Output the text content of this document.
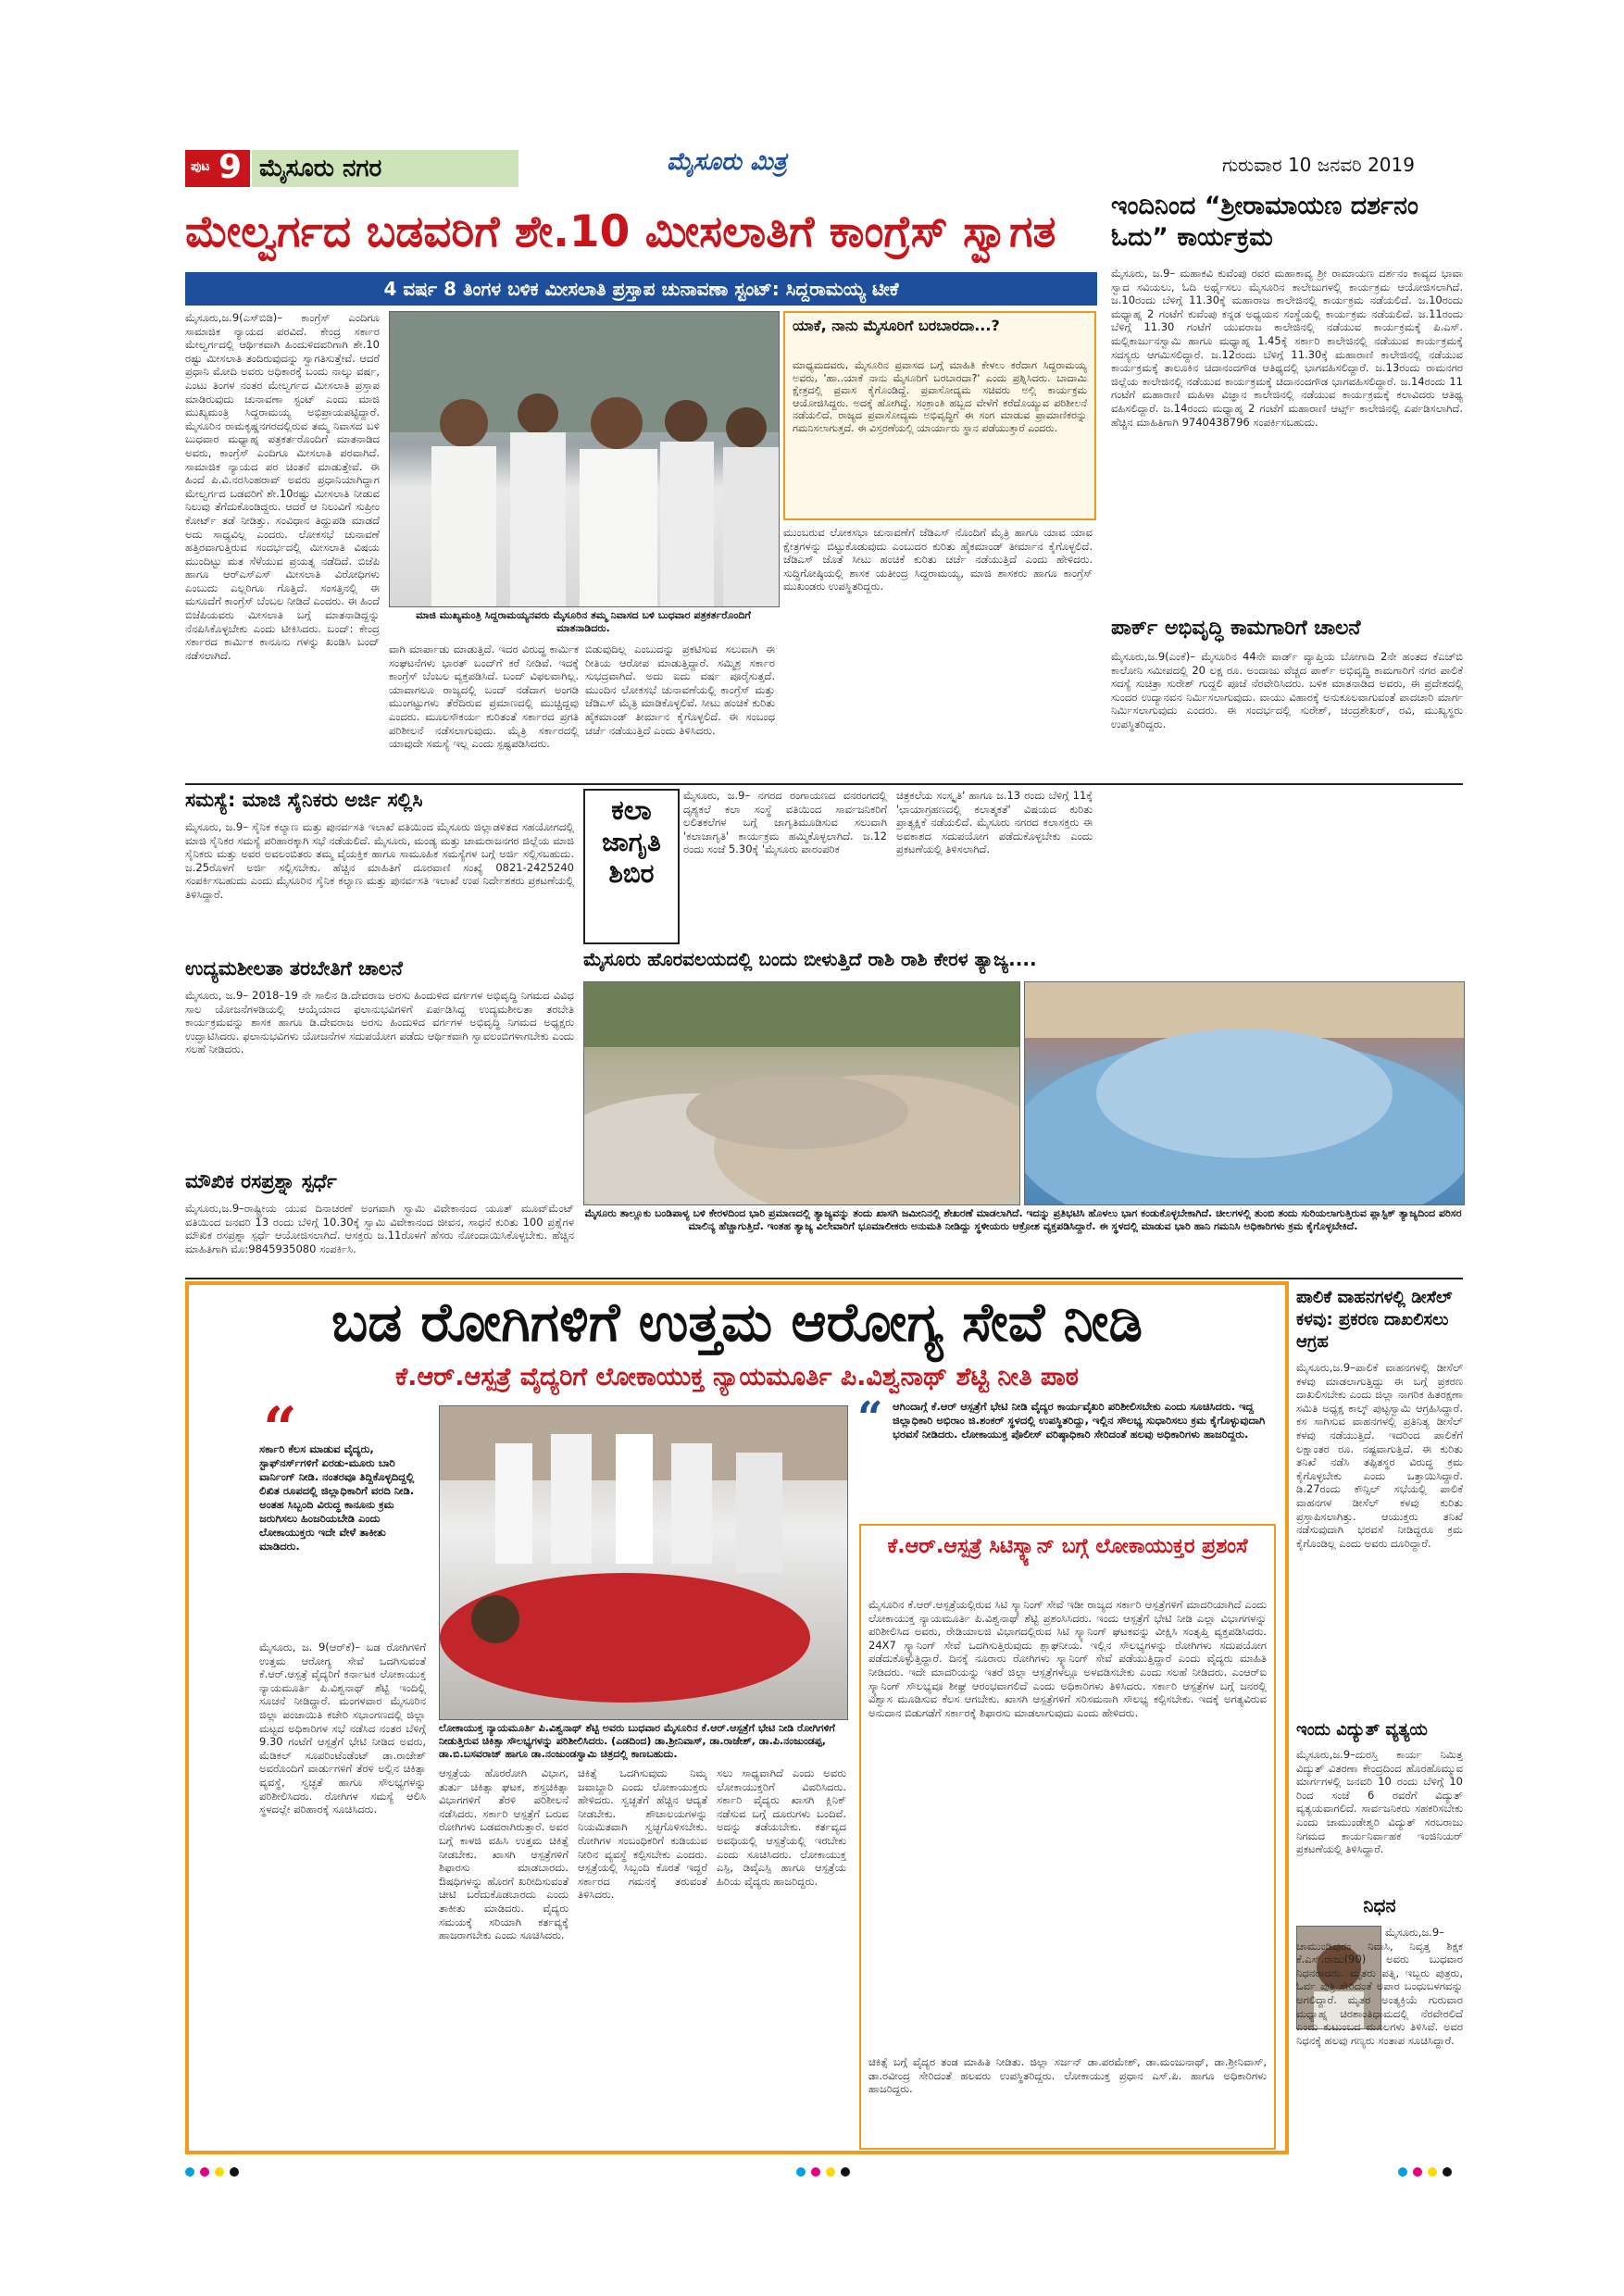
ಪುಟ 9 ಮೈಸೂರು ನಗರ	ಮೈಸೂರು ಮಿತ್ರ	ಗುರುವಾರ 10 ಜನವರಿ 2019
ಮೇಲ್ವರ್ಗದ ಬಡವರಿಗೆ ಶೇ.10 ಮೀಸಲಾತಿಗೆ ಕಾಂಗ್ರೆಸ್ ಸ್ವಾಗತ
4 ವರ್ಷ 8 ತಿಂಗಳ ಬಳಿಕ ಮೀಸಲಾತಿ ಪ್ರಸ್ತಾಪ ಚುನಾವಣಾ ಸ್ಟಂಟ್: ಸಿದ್ದರಾಮಯ್ಯ ಟೀಕೆ
ಮೈಸೂರು,ಜ.9(ಎಸ್‌ಬಿಡಿ)– ಕಾಂಗ್ರೆಸ್ ಎಂದಿಗೂ ಸಾಮಾಜಿಕ ನ್ಯಾಯದ ಪರವಿದೆ. ಕೇಂದ್ರ ಸರ್ಕಾರ ಮೇಲ್ವರ್ಗದಲ್ಲಿ ಆರ್ಥಿಕವಾಗಿ ಹಿಂದುಳಿದವರಿಗಾಗಿ ಶೇ.10 ರಷ್ಟು ಮೀಸಲಾತಿ ತಂದಿರುವುದನ್ನು ಸ್ವಾಗತಿಸುತ್ತೇವೆ. ಆದರೆ ಪ್ರಧಾನಿ ಮೋದಿ ಅವರು ಅಧಿಕಾರಕ್ಕೆ ಬಂದು ನಾಲ್ಕು ವರ್ಷ, ಎಂಟು ತಿಂಗಳ ನಂತರ ಮೇಲ್ವರ್ಗದ ಮೀಸಲಾತಿ ಪ್ರಸ್ತಾಪ ಮಾಡಿರುವುದು ಚುನಾವಣಾ ಸ್ಟಂಟ್ ಎಂದು ಮಾಜಿ ಮುಖ್ಯಮಂತ್ರಿ ಸಿದ್ದರಾಮಯ್ಯ ಅಭಿಪ್ರಾಯಪಟ್ಟಿದ್ದಾರೆ. ಮೈಸೂರಿನ ರಾಮಕೃಷ್ಣನಗರದಲ್ಲಿರುವ ತಮ್ಮ ನಿವಾಸದ ಬಳಿ ಬುಧವಾರ ಮಧ್ಯಾಹ್ನ ಪತ್ರಕರ್ತರೊಂದಿಗೆ ಮಾತನಾಡಿದ ಅವರು, ಕಾಂಗ್ರೆಸ್ ಎಂದಿಗೂ ಮೀಸಲಾತಿ ಪರವಾಗಿದೆ. ಸಾಮಾಜಿಕ ನ್ಯಾಯದ ಪರ ಚಿಂತನೆ ಮಾಡುತ್ತೇವೆ. ಈ ಹಿಂದೆ ಪಿ.ವಿ.ನರಸಿಂಹರಾವ್ ಅವರು ಪ್ರಧಾನಿಯಾಗಿದ್ದಾಗ ಮೇಲ್ವರ್ಗದ ಬಡವರಿಗೆ ಶೇ.10ರಷ್ಟು ಮೀಸಲಾತಿ ನೀಡುವ ನಿಲುವು ತೆಗೆದುಕೊಂಡಿದ್ದರು. ಆದರೆ ಆ ನಿಲುವಿಗೆ ಸುಪ್ರೀಂ ಕೋರ್ಟ್ ತಡೆ ನೀಡಿತ್ತು. ಸಂವಿಧಾನ ತಿದ್ದುಪಡಿ ಮಾಡದೆ ಅದು ಸಾಧ್ಯವಿಲ್ಲ ಎಂದರು. ಲೋಕಸಭೆ ಚುನಾವಣೆ ಹತ್ತಿರವಾಗುತ್ತಿರುವ ಸಂದರ್ಭದಲ್ಲಿ ಮೀಸಲಾತಿ ವಿಷಯ ಮುಂದಿಟ್ಟು ಮತ ಸೆಳೆಯುವ ಪ್ರಯತ್ನ ನಡೆದಿದೆ. ಬಿಜೆಪಿ ಹಾಗೂ ಆರ್‌ಎಸ್‌ಎಸ್ ಮೀಸಲಾತಿ ವಿರೋಧಿಗಳು ಎಂಬುದು ಎಲ್ಲರಿಗೂ ಗೊತ್ತಿದೆ. ಸಂಸತ್ತಿನಲ್ಲಿ ಈ ಮಸೂದೆಗೆ ಕಾಂಗ್ರೆಸ್ ಬೆಂಬಲ ನೀಡಿದೆ ಎಂದರು. ಈ ಹಿಂದೆ ಬಿಜೆಪಿಯವರು ಮೀಸಲಾತಿ ಬಗ್ಗೆ ಮಾತನಾಡಿದ್ದನ್ನು ನೆನಪಿಸಿಕೊಳ್ಳಬೇಕು ಎಂದು ಟೀಕಿಸಿದರು. ಬಂದ್: ಕೇಂದ್ರ ಸರ್ಕಾರದ ಕಾರ್ಮಿಕ ಕಾನೂನು ಗಳನ್ನು ಖಂಡಿಸಿ ಬಂದ್ ನಡೆಸಲಾಗಿದೆ.
ಮಾಜಿ ಮುಖ್ಯಮಂತ್ರಿ ಸಿದ್ದರಾಮಯ್ಯನವರು ಮೈಸೂರಿನ ತಮ್ಮ ನಿವಾಸದ ಬಳಿ ಬುಧವಾರ ಪತ್ರಕರ್ತರೊಂದಿಗೆ ಮಾತನಾಡಿದರು.
ವಾಗಿ ಮಾರ್ಪಾಡು ಮಾಡುತ್ತಿದೆ. ಇದರ ವಿರುದ್ಧ ಕಾರ್ಮಿಕ ಸಂಘಟನೆಗಳು ಭಾರತ್ ಬಂದ್‌ಗೆ ಕರೆ ನೀಡಿವೆ. ಇದಕ್ಕೆ ಕಾಂಗ್ರೆಸ್ ಬೆಂಬಲ ವ್ಯಕ್ತಪಡಿಸಿದೆ. ಬಂದ್ ವಿಫಲವಾಗಿಲ್ಲ. ಯಾವಾಗಲೂ ರಾಜ್ಯದಲ್ಲಿ ಬಂದ್ ನಡೆದಾಗ ಅಂಗಡಿ ಮುಂಗಟ್ಟುಗಳು ತೆರೆದಿರುವ ಪ್ರಮಾಣದಲ್ಲಿ ಮುಚ್ಚಿದ್ದವು ಎಂದರು. ಮೂಲಸೌಕರ್ಯ ಕುರಿತಂತೆ ಸರ್ಕಾರದ ಪ್ರಗತಿ ಪರಿಶೀಲನೆ ನಡೆಸಲಾಗುವುದು. ಮೈತ್ರಿ ಸರ್ಕಾರದಲ್ಲಿ ಯಾವುದೇ ಸಮಸ್ಯೆ ಇಲ್ಲ ಎಂದು ಸ್ಪಷ್ಟಪಡಿಸಿದರು.
ಬಿಡುವುದಿಲ್ಲ ಎಂಬುದನ್ನು ಪ್ರಕಟಿಸುವ ಸಲುವಾಗಿ ಈ ರೀತಿಯ ಆರೋಪ ಮಾಡುತ್ತಿದ್ದಾರೆ. ಸಮ್ಮಿಶ್ರ ಸರ್ಕಾರ ಸುಭದ್ರವಾಗಿದೆ. ಅದು ಐದು ವರ್ಷ ಪೂರೈಸುತ್ತದೆ. ಮುಂದಿನ ಲೋಕಸಭೆ ಚುನಾವಣೆಯಲ್ಲಿ ಕಾಂಗ್ರೆಸ್ ಮತ್ತು ಜೆಡಿಎಸ್ ಮೈತ್ರಿ ಮಾಡಿಕೊಳ್ಳಲಿವೆ. ಸೀಟು ಹಂಚಿಕೆ ಕುರಿತು ಹೈಕಮಾಂಡ್ ತೀರ್ಮಾನ ಕೈಗೊಳ್ಳಲಿದೆ. ಈ ಸಂಬಂಧ ಚರ್ಚೆ ನಡೆಯುತ್ತಿದೆ ಎಂದು ತಿಳಿಸಿದರು.
ಯಾಕೆ, ನಾನು ಮೈಸೂರಿಗೆ ಬರಬಾರದಾ...?
ಮಾಧ್ಯಮದವರು, ಮೈಸೂರಿನ ಪ್ರವಾಸದ ಬಗ್ಗೆ ಮಾಹಿತಿ ಕೇಳಲು ಕರೆದಾಗ ಸಿದ್ದರಾಮಯ್ಯ ಅವರು, 'ಹಾ..ಯಾಕೆ ನಾನು ಮೈಸೂರಿಗೆ ಬರಬಾರದಾ?' ಎಂದು ಪ್ರಶ್ನಿಸಿದರು. ಬಾದಾಮಿ ಕ್ಷೇತ್ರದಲ್ಲಿ ಪ್ರವಾಸ ಕೈಗೊಂಡಿದ್ದೆ. ಪ್ರವಾಸೋದ್ಯಮ ಸಚಿವರು ಅಲ್ಲಿ ಕಾರ್ಯಕ್ರಮ ಆಯೋಜಿಸಿದ್ದರು. ಅದಕ್ಕೆ ಹೋಗಿದ್ದೆ. ಸಂಕ್ರಾಂತಿ ಹಬ್ಬದ ವೇಳೆಗೆ ಕರೆದೊಯ್ಯುವ ಪರಿಶೀಲನೆ ನಡೆಯಲಿದೆ. ರಾಜ್ಯದ ಪ್ರವಾಸೋದ್ಯಮ ಅಭಿವೃದ್ಧಿಗೆ ಈ ಸಂಗ ಮಾಡುವ ಪ್ರಾಮಾಣಿಕರನ್ನು ಗಮನಿಸಲಾಗುತ್ತದೆ. ಈ ವಿಸ್ತರಣೆಯಲ್ಲಿ ಯಾರ್ಯಾರು ಸ್ಥಾನ ಪಡೆಯುತ್ತಾರೆ ಎಂದರು.
ಮುಂಬರುವ ಲೋಕಸಭಾ ಚುನಾವಣೆಗೆ ಜೆಡಿಎಸ್ ನೊಂದಿಗೆ ಮೈತ್ರಿ ಹಾಗೂ ಯಾವ ಯಾವ ಕ್ಷೇತ್ರಗಳನ್ನು ಬಿಟ್ಟುಕೊಡುವುದು ಎಂಬುದರ ಕುರಿತು ಹೈಕಮಾಂಡ್ ತೀರ್ಮಾನ ಕೈಗೊಳ್ಳಲಿದೆ. ಜೆಡಿಎಸ್ ಜೊತೆ ಸೀಟು ಹಂಚಿಕೆ ಕುರಿತು ಚರ್ಚೆ ನಡೆಯುತ್ತಿದೆ ಎಂದು ಹೇಳಿದರು. ಸುದ್ದಿಗೋಷ್ಠಿಯಲ್ಲಿ ಶಾಸಕ ಯತೀಂದ್ರ ಸಿದ್ದರಾಮಯ್ಯ, ಮಾಜಿ ಶಾಸಕರು ಹಾಗೂ ಕಾಂಗ್ರೆಸ್ ಮುಖಂಡರು ಉಪಸ್ಥಿತರಿದ್ದರು.
ಇಂದಿನಿಂದ “ಶ್ರೀರಾಮಾಯಣ ದರ್ಶನಂ ಓದು” ಕಾರ್ಯಕ್ರಮ
ಮೈಸೂರು, ಜ.9– ಮಹಾಕವಿ ಕುವೆಂಪು ರವರ ಮಹಾಕಾವ್ಯ ಶ್ರೀ ರಾಮಾಯಣ ದರ್ಶನಂ ಕಾವ್ಯದ ಭಾವಾ ಸ್ವಾದ ಸವಿಯಲು, ಓದಿ ಅರ್ಥೈಸಲು ಮೈಸೂರಿನ ಕಾಲೇಜುಗಳಲ್ಲಿ ಕಾರ್ಯಕ್ರಮ ಆಯೋಜಿಸಲಾಗಿದೆ. ಜ.10ರಂದು ಬೆಳಿಗ್ಗೆ 11.30ಕ್ಕೆ ಮಹಾರಾಜ ಕಾಲೇಜಿನಲ್ಲಿ ಕಾರ್ಯಕ್ರಮ ನಡೆಯಲಿದೆ. ಜ.10ರಂದು ಮಧ್ಯಾಹ್ನ 2 ಗಂಟೆಗೆ ಕುವೆಂಪು ಕನ್ನಡ ಅಧ್ಯಯನ ಸಂಸ್ಥೆಯಲ್ಲಿ ಕಾರ್ಯಕ್ರಮ ನಡೆಯಲಿದೆ. ಜ.11ರಂದು ಬೆಳಿಗ್ಗೆ 11.30 ಗಂಟೆಗೆ ಯುವರಾಜ ಕಾಲೇಜಿನಲ್ಲಿ ನಡೆಯುವ ಕಾರ್ಯಕ್ರಮಕ್ಕೆ ಪಿ.ಎಸ್. ಮಲ್ಲಿಕಾರ್ಜುನಸ್ವಾಮಿ ಹಾಗೂ ಮಧ್ಯಾಹ್ನ 1.45ಕ್ಕೆ ಸರ್ಕಾರಿ ಕಾಲೇಜಿನಲ್ಲಿ ನಡೆಯುವ ಕಾರ್ಯಕ್ರಮಕ್ಕೆ ಸದಸ್ಯರು ಆಗಮಿಸಲಿದ್ದಾರೆ. ಜ.12ರಂದು ಬೆಳಿಗ್ಗೆ 11.30ಕ್ಕೆ ಮಹಾರಾಣಿ ಕಾಲೇಜಿನಲ್ಲಿ ನಡೆಯುವ ಕಾರ್ಯಕ್ರಮಕ್ಕೆ ತಾಲೂಕಿನ ಚಿದಾನಂದಗೌಡ ಆತಿಥ್ಯದಲ್ಲಿ ಭಾಗವಹಿಸಲಿದ್ದಾರೆ. ಜ.13ರಂದು ರಾಮನಗರ ಜಿಲ್ಲೆಯ ಕಾಲೇಜಿನಲ್ಲಿ ನಡೆಯುವ ಕಾರ್ಯಕ್ರಮಕ್ಕೆ ಚಿದಾನಂದಗೌಡ ಭಾಗವಹಿಸಲಿದ್ದಾರೆ. ಜ.14ರಂದು 11 ಗಂಟೆಗೆ ಮಹಾರಾಣಿ ಮಹಿಳಾ ವಿಜ್ಞಾನ ಕಾಲೇಜಿನಲ್ಲಿ ನಡೆಯುವ ಕಾರ್ಯಕ್ರಮಕ್ಕೆ ಕಲಾವಿದರು ಆತಿಥ್ಯ ವಹಿಸಲಿದ್ದಾರೆ. ಜ.14ರಂದು ಮಧ್ಯಾಹ್ನ 2 ಗಂಟೆಗೆ ಮಹಾರಾಣಿ ಆರ್ಟ್ಸ್ ಕಾಲೇಜಿನಲ್ಲಿ ಏರ್ಪಡಿಸಲಾಗಿದೆ. ಹೆಚ್ಚಿನ ಮಾಹಿತಿಗಾಗಿ 9740438796 ಸಂಪರ್ಕಿಸಬಹುದು.
ಪಾರ್ಕ್ ಅಭಿವೃದ್ಧಿ ಕಾಮಗಾರಿಗೆ ಚಾಲನೆ
ಮೈಸೂರು,ಜ.9(ಎಂಕೆ)– ಮೈಸೂರಿನ 44ನೇ ವಾರ್ಡ್ ವ್ಯಾಪ್ತಿಯ ಬೋಗಾದಿ 2ನೇ ಹಂತದ ಕೆಎಚ್‌ಬಿ ಕಾಲೋನಿ ಸಮೀಪದಲ್ಲಿ 20 ಲಕ್ಷ ರೂ. ಅಂದಾಜು ವೆಚ್ಚದ ಪಾರ್ಕ್ ಅಭಿವೃದ್ಧಿ ಕಾಮಗಾರಿಗೆ ನಗರ ಪಾಲಿಕೆ ಸದಸ್ಯೆ ಸುಚಿತ್ರಾ ಸುರೇಶ್ ಗುದ್ದಲಿ ಪೂಜೆ ನೆರವೇರಿಸಿದರು. ಬಳಿಕ ಮಾತನಾಡಿದ ಅವರು, ಈ ಪ್ರದೇಶದಲ್ಲಿ ಸುಂದರ ಉದ್ಯಾನವನ ನಿರ್ಮಿಸಲಾಗುವುದು. ವಾಯು ವಿಹಾರಕ್ಕೆ ಅನುಕೂಲವಾಗುವಂತೆ ಪಾದಚಾರಿ ಮಾರ್ಗ ನಿರ್ಮಿಸಲಾಗುವುದು ಎಂದರು. ಈ ಸಂದರ್ಭದಲ್ಲಿ ಸುರೇಶ್, ಚಂದ್ರಶೇಖರ್, ರವಿ, ಮುಖ್ಯಸ್ಥರು ಉಪಸ್ಥಿತರಿದ್ದರು.
ಸಮಸ್ಯೆ: ಮಾಜಿ ಸೈನಿಕರು ಅರ್ಜಿ ಸಲ್ಲಿಸಿ
ಮೈಸೂರು, ಜ.9– ಸೈನಿಕ ಕಲ್ಯಾಣ ಮತ್ತು ಪುನರ್ವಸತಿ ಇಲಾಖೆ ವತಿಯಿಂದ ಮೈಸೂರು ಜಿಲ್ಲಾಡಳಿತದ ಸಹಯೋಗದಲ್ಲಿ ಮಾಜಿ ಸೈನಿಕರ ಸಮಸ್ಯೆ ಪರಿಹಾರಕ್ಕಾಗಿ ಸಭೆ ನಡೆಯಲಿದೆ. ಮೈಸೂರು, ಮಂಡ್ಯ ಮತ್ತು ಚಾಮರಾಜನಗರ ಜಿಲ್ಲೆಯ ಮಾಜಿ ಸೈನಿಕರು ಮತ್ತು ಅವರ ಅವಲಂಬಿತರು ತಮ್ಮ ವೈಯಕ್ತಿಕ ಹಾಗೂ ಸಾಮೂಹಿಕ ಸಮಸ್ಯೆಗಳ ಬಗ್ಗೆ ಅರ್ಜಿ ಸಲ್ಲಿಸಬಹುದು. ಜ.25ರೊಳಗೆ ಅರ್ಜಿ ಸಲ್ಲಿಸಬೇಕು. ಹೆಚ್ಚಿನ ಮಾಹಿತಿಗೆ ದೂರವಾಣಿ ಸಂಖ್ಯೆ 0821-2425240 ಸಂಪರ್ಕಿಸಬಹುದು ಎಂದು ಮೈಸೂರಿನ ಸೈನಿಕ ಕಲ್ಯಾಣ ಮತ್ತು ಪುನರ್ವಸತಿ ಇಲಾಖೆ ಉಪ ನಿರ್ದೇಶಕರು ಪ್ರಕಟಣೆಯಲ್ಲಿ ತಿಳಿಸಿದ್ದಾರೆ.
ಕಲಾ
ಜಾಗೃತಿ
ಶಿಬಿರ
ಮೈಸೂರು, ಜ.9– ನಗರದ ರಂಗಾಯಣದ ವನರಂಗದಲ್ಲಿ ದೃಶ್ಯಕಲೆ ಕಲಾ ಸಂಸ್ಥೆ ವತಿಯಿಂದ ಸಾರ್ವಜನಿಕರಿಗೆ ಲಲಿತಕಲೆಗಳ ಬಗ್ಗೆ ಜಾಗೃತಿಮೂಡಿಸುವ ಸಲುವಾಗಿ 'ಕಲಾಜಾಗೃತಿ' ಕಾರ್ಯಕ್ರಮ ಹಮ್ಮಿಕೊಳ್ಳಲಾಗಿದೆ. ಜ.12 ರಂದು ಸಂಜೆ 5.30ಕ್ಕೆ 'ಮೈಸೂರು ಪಾರಂಪರಿಕ
ಚಿತ್ರಕಲೆಯ ಸಂಸ್ಕೃತಿ' ಹಾಗೂ ಜ.13 ರಂದು ಬೆಳಿಗ್ಗೆ 11ಕ್ಕೆ 'ಛಾಯಾಗ್ರಹಣದಲ್ಲಿ ಕಲಾತ್ಮಕತೆ' ವಿಷಯದ ಕುರಿತು ಪ್ರಾತ್ಯಕ್ಷಿಕೆ ನಡೆಯಲಿದೆ. ಮೈಸೂರು ನಗರದ ಕಲಾಸಕ್ತರು ಈ ಅವಕಾಶದ ಸದುಪಯೋಗ ಪಡೆದುಕೊಳ್ಳಬೇಕು ಎಂದು ಪ್ರಕಟಣೆಯಲ್ಲಿ ತಿಳಿಸಲಾಗಿದೆ.
ಮೈಸೂರು ಹೊರವಲಯದಲ್ಲಿ ಬಂದು ಬೀಳುತ್ತಿದೆ ರಾಶಿ ರಾಶಿ ಕೇರಳ ತ್ಯಾಜ್ಯ....
ಮೈಸೂರು ತಾಲ್ಲೂಕು ಬಂಡಿಪಾಳ್ಯ ಬಳಿ ಕೇರಳದಿಂದ ಭಾರಿ ಪ್ರಮಾಣದಲ್ಲಿ ತ್ಯಾಜ್ಯವನ್ನು ತಂದು ಖಾಸಗಿ ಜಮೀನಿನಲ್ಲಿ ಶೇಖರಣೆ ಮಾಡಲಾಗಿದೆ. ಇದನ್ನು ಪ್ರತಿಭಟಿಸಿ ಹೊಳಲು ಭಾಗ ಕಂಡುಕೊಳ್ಳಬೇಕಾಗಿದೆ. ಚೀಲಗಳಲ್ಲಿ ತುಂಬಿ ತಂದು ಸುರಿಯಲಾಗುತ್ತಿರುವ ಪ್ಲಾಸ್ಟಿಕ್ ತ್ಯಾಜ್ಯದಿಂದ ಪರಿಸರ ಮಾಲಿನ್ಯ ಹೆಚ್ಚಾಗುತ್ತಿದೆ. ಇಂತಹ ತ್ಯಾಜ್ಯ ವಿಲೇವಾರಿಗೆ ಭೂಮಾಲೀಕರು ಅನುಮತಿ ನೀಡಿದ್ದು ಸ್ಥಳೀಯರು ಆಕ್ರೋಶ ವ್ಯಕ್ತಪಡಿಸಿದ್ದಾರೆ. ಈ ಸ್ಥಳದಲ್ಲಿ ಮಾಡುವ ಭಾರಿ ಹಾನಿ ಗಮನಿಸಿ ಅಧಿಕಾರಿಗಳು ಕ್ರಮ ಕೈಗೊಳ್ಳಬೇಕಿದೆ.
ಉದ್ಯಮಶೀಲತಾ ತರಬೇತಿಗೆ ಚಾಲನೆ
ಮೈಸೂರು, ಜ.9– 2018–19 ನೇ ಸಾಲಿನ ಡಿ.ದೇವರಾಜ ಅರಸು ಹಿಂದುಳಿದ ವರ್ಗಗಳ ಅಭಿವೃದ್ಧಿ ನಿಗಮದ ವಿವಿಧ ಸಾಲ ಯೋಜನೆಗಳಡಿಯಲ್ಲಿ ಆಯ್ಕೆಯಾದ ಫಲಾನುಭವಿಗಳಿಗೆ ಏರ್ಪಡಿಸಿದ್ದ ಉದ್ಯಮಶೀಲತಾ ತರಬೇತಿ ಕಾರ್ಯಕ್ರಮವನ್ನು ಶಾಸಕ ಹಾಗೂ ಡಿ.ದೇವರಾಜ ಅರಸು ಹಿಂದುಳಿದ ವರ್ಗಗಳ ಅಭಿವೃದ್ಧಿ ನಿಗಮದ ಅಧ್ಯಕ್ಷರು ಉದ್ಘಾಟಿಸಿದರು. ಫಲಾನುಭವಿಗಳು ಯೋಜನೆಗಳ ಸದುಪಯೋಗ ಪಡೆದು ಆರ್ಥಿಕವಾಗಿ ಸ್ವಾವಲಂಬಿಗಳಾಗಬೇಕು ಎಂದು ಸಲಹೆ ನೀಡಿದರು.
ಮೌಖಿಕ ರಸಪ್ರಶ್ನಾ ಸ್ಪರ್ಧೆ
ಮೈಸೂರು,ಜ.9–ರಾಷ್ಟ್ರೀಯ ಯುವ ದಿನಾಚರಣೆ ಅಂಗವಾಗಿ ಸ್ವಾಮಿ ವಿವೇಕಾನಂದ ಯೂತ್ ಮೂವ್‌ಮೆಂಟ್ ವತಿಯಿಂದ ಜನವರಿ 13 ರಂದು ಬೆಳಿಗ್ಗೆ 10.30ಕ್ಕೆ ಸ್ವಾಮಿ ವಿವೇಕಾನಂದ ಜೀವನ, ಸಾಧನೆ ಕುರಿತು 100 ಪ್ರಶ್ನೆಗಳ ಮೌಖಿಕ ರಸಪ್ರಶ್ನಾ ಸ್ಪರ್ಧೆ ಆಯೋಜಿಸಲಾಗಿದೆ. ಆಸಕ್ತರು ಜ.11ರೊಳಗೆ ಹೆಸರು ನೋಂದಾಯಿಸಿಕೊಳ್ಳಬೇಕು. ಹೆಚ್ಚಿನ ಮಾಹಿತಿಗಾಗಿ ಮೊ:9845935080 ಸಂಪರ್ಕಿಸಿ.
ಬಡ ರೋಗಿಗಳಿಗೆ ಉತ್ತಮ ಆರೋಗ್ಯ ಸೇವೆ ನೀಡಿ
ಕೆ.ಆರ್.ಆಸ್ಪತ್ರೆ ವೈದ್ಯರಿಗೆ ಲೋಕಾಯುಕ್ತ ನ್ಯಾಯಮೂರ್ತಿ ಪಿ.ವಿಶ್ವನಾಥ್ ಶೆಟ್ಟಿ ನೀತಿ ಪಾಠ
“
ಸರ್ಕಾರಿ ಕೆಲಸ ಮಾಡುವ ವೈದ್ಯರು, ಸ್ಟಾಫ್‌ನರ್ಸ್‌ಗಳಿಗೆ ಏರಡು-ಮೂರು ಬಾರಿ ವಾರ್ನಿಂಗ್ ನೀಡಿ. ನಂತರವೂ ತಿದ್ದಿಕೊಳ್ಳದಿದ್ದಲ್ಲಿ ಲಿಖಿತ ರೂಪದಲ್ಲಿ ಜಿಲ್ಲಾಧಿಕಾರಿಗೆ ವರದಿ ನೀಡಿ. ಅಂತಹ ಸಿಬ್ಬಂದಿ ವಿರುದ್ಧ ಕಾನೂನು ಕ್ರಮ ಜರುಗಿಸಲು ಹಿಂಜರಿಯಬೇಡಿ ಎಂದು ಲೋಕಾಯುಕ್ತರು ಇದೇ ವೇಳೆ ತಾಕೀತು ಮಾಡಿದರು.
ಲೋಕಾಯುಕ್ತ ನ್ಯಾಯಮೂರ್ತಿ ಪಿ.ವಿಶ್ವನಾಥ್ ಶೆಟ್ಟಿ ಅವರು ಬುಧವಾರ ಮೈಸೂರಿನ ಕೆ.ಆರ್.ಆಸ್ಪತ್ರೆಗೆ ಭೇಟಿ ನೀಡಿ ರೋಗಿಗಳಿಗೆ ನೀಡುತ್ತಿರುವ ಚಿಕಿತ್ಸಾ ಸೌಲಭ್ಯಗಳನ್ನು ಪರಿಶೀಲಿಸಿದರು. (ಎಡದಿಂದ) ಡಾ.ಶ್ರೀನಿವಾಸ್, ಡಾ.ರಾಜೇಶ್, ಡಾ.ಪಿ.ನಂಜುಂಡಪ್ಪ, ಡಾ.ಬಿ.ಬಸವರಾಜ್ ಹಾಗೂ ಡಾ.ನಂಜುಂಡಸ್ವಾಮಿ ಚಿತ್ರದಲ್ಲಿ ಕಾಣಬಹುದು.
“ ಆಗಿಂದಾಗ್ಗೆ ಕೆ.ಆರ್ ಆಸ್ಪತ್ರೆಗೆ ಭೇಟಿ ನೀಡಿ ವೈದ್ಯರ ಕಾರ್ಯವೈಖರಿ ಪರಿಶೀಲಿಸಬೇಕು ಎಂದು ಸೂಚಿಸಿದರು. ಇದ್ದ ಜಿಲ್ಲಾಧಿಕಾರಿ ಅಭಿರಾಂ ಜಿ.ಶಂಕರ್ ಸ್ಥಳದಲ್ಲಿ ಉಪಸ್ಥಿತರಿದ್ದು, ಇಲ್ಲಿನ ಸೌಲಭ್ಯ ಸುಧಾರಿಸಲು ಕ್ರಮ ಕೈಗೊಳ್ಳುವುದಾಗಿ ಭರವಸೆ ನೀಡಿದರು. ಲೋಕಾಯುಕ್ತ ಪೊಲೀಸ್ ವರಿಷ್ಠಾಧಿಕಾರಿ ಸೇರಿದಂತೆ ಹಲವು ಅಧಿಕಾರಿಗಳು ಹಾಜರಿದ್ದರು.
ಕೆ.ಆರ್.ಆಸ್ಪತ್ರೆ ಸಿಟಿಸ್ಕ್ಯಾನ್ ಬಗ್ಗೆ ಲೋಕಾಯುಕ್ತರ ಪ್ರಶಂಸೆ
ಮೈಸೂರಿನ ಕೆ.ಆರ್.ಆಸ್ಪತ್ರೆಯಲ್ಲಿರುವ ಸಿಟಿ ಸ್ಕ್ಯಾನಿಂಗ್ ಸೇವೆ ಇಡೀ ರಾಜ್ಯದ ಸರ್ಕಾರಿ ಆಸ್ಪತ್ರೆಗಳಿಗೆ ಮಾದರಿಯಾಗಿದೆ ಎಂದು ಲೋಕಾಯುಕ್ತ ನ್ಯಾಯಮೂರ್ತಿ ಪಿ.ವಿಶ್ವನಾಥ್ ಶೆಟ್ಟಿ ಪ್ರಶಂಸಿಸಿದರು. ಇಂದು ಆಸ್ಪತ್ರೆಗೆ ಭೇಟಿ ನೀಡಿ ಎಲ್ಲಾ ವಿಭಾಗಗಳನ್ನು ಪರಿಶೀಲಿಸಿದ ಅವರು, ರೇಡಿಯಾಲಜಿ ವಿಭಾಗದಲ್ಲಿರುವ ಸಿಟಿ ಸ್ಕ್ಯಾನಿಂಗ್ ಘಟಕವನ್ನು ವೀಕ್ಷಿಸಿ ಸಂತೃಪ್ತಿ ವ್ಯಕ್ತಪಡಿಸಿದರು. 24X7 ಸ್ಕ್ಯಾನಿಂಗ್ ಸೇವೆ ಒದಗಿಸುತ್ತಿರುವುದು ಶ್ಲಾಘನೀಯ. ಇಲ್ಲಿನ ಸೌಲಭ್ಯಗಳನ್ನು ರೋಗಿಗಳು ಸದುಪಯೋಗ ಪಡೆದುಕೊಳ್ಳುತ್ತಿದ್ದಾರೆ. ದಿನಕ್ಕೆ ನೂರಾರು ರೋಗಿಗಳು ಸ್ಕ್ಯಾನಿಂಗ್ ಸೇವೆ ಪಡೆಯುತ್ತಿದ್ದಾರೆ ಎಂದು ವೈದ್ಯರು ಮಾಹಿತಿ ನೀಡಿದರು. ಇದೇ ಮಾದರಿಯನ್ನು ಇತರೆ ಜಿಲ್ಲಾ ಆಸ್ಪತ್ರೆಗಳಲ್ಲೂ ಅಳವಡಿಸಬೇಕು ಎಂದು ಸಲಹೆ ನೀಡಿದರು. ಎಂಆರ್‌ಐ ಸ್ಕ್ಯಾನಿಂಗ್ ಸೌಲಭ್ಯವೂ ಶೀಘ್ರ ಆರಂಭವಾಗಲಿದೆ ಎಂದು ಅಧಿಕಾರಿಗಳು ತಿಳಿಸಿದರು. ಸರ್ಕಾರಿ ಆಸ್ಪತ್ರೆಗಳ ಬಗ್ಗೆ ಜನರಲ್ಲಿ ವಿಶ್ವಾಸ ಮೂಡಿಸುವ ಕೆಲಸ ಆಗಬೇಕು. ಖಾಸಗಿ ಆಸ್ಪತ್ರೆಗಳಿಗೆ ಸರಿಸಮನಾಗಿ ಸೌಲಭ್ಯ ಕಲ್ಪಿಸಬೇಕು. ಇದಕ್ಕೆ ಅಗತ್ಯವಿರುವ ಅನುದಾನ ಬಿಡುಗಡೆಗೆ ಸರ್ಕಾರಕ್ಕೆ ಶಿಫಾರಸು ಮಾಡಲಾಗುವುದು ಎಂದು ಹೇಳಿದರು.
ಚಿಕಿತ್ಸೆ ಬಗ್ಗೆ ವೈದ್ಯರ ತಂಡ ಮಾಹಿತಿ ನೀಡಿತು. ಜಿಲ್ಲಾ ಸರ್ಜನ್ ಡಾ.ಪರಮೇಶ್, ಡಾ.ಮಂಜುನಾಥ್, ಡಾ.ಶ್ರೀನಿವಾಸ್, ಡಾ.ರವೀಂದ್ರ ಸೇರಿದಂತೆ ಹಲವರು ಉಪಸ್ಥಿತರಿದ್ದರು. ಲೋಕಾಯುಕ್ತ ಪ್ರಧಾನ ಎಸ್.ಪಿ. ಹಾಗೂ ಅಧಿಕಾರಿಗಳು ಹಾಜರಿದ್ದರು.
ಮೈಸೂರು, ಜ. 9(ಆರ್‌ಕೆ)– ಬಡ ರೋಗಿಗಳಿಗೆ ಉತ್ತಮ ಆರೋಗ್ಯ ಸೇವೆ ಒದಗಿಸುವಂತೆ ಕೆ.ಆರ್.ಆಸ್ಪತ್ರೆ ವೈದ್ಯರಿಗೆ ಕರ್ನಾಟಕ ಲೋಕಾಯುಕ್ತ ನ್ಯಾಯಮೂರ್ತಿ ಪಿ.ವಿಶ್ವನಾಥ್ ಶೆಟ್ಟಿ ಇಂದಿಲ್ಲಿ ಸೂಚನೆ ನೀಡಿದ್ದಾರೆ. ಮಂಗಳವಾರ ಮೈಸೂರಿನ ಜಿಲ್ಲಾ ಪಂಚಾಯಿತಿ ಕಚೇರಿ ಸಭಾಂಗಣದಲ್ಲಿ ಜಿಲ್ಲಾ ಮಟ್ಟದ ಅಧಿಕಾರಿಗಳ ಸಭೆ ನಡೆಸಿದ ನಂತರ ಬೆಳಿಗ್ಗೆ 9.30 ಗಂಟೆಗೆ ಆಸ್ಪತ್ರೆಗೆ ಭೇಟಿ ನೀಡಿದ ಅವರು, ಮೆಡಿಕಲ್ ಸೂಪರಿಂಟೆಂಡೆಂಟ್ ಡಾ.ರಾಜೇಶ್ ಅವರೊಂದಿಗೆ ವಾರ್ಡುಗಳಿಗೆ ತೆರಳಿ ಅಲ್ಲಿನ ಚಿಕಿತ್ಸಾ ವ್ಯವಸ್ಥೆ, ಸ್ವಚ್ಛತೆ ಹಾಗೂ ಸೌಲಭ್ಯಗಳನ್ನು ಪರಿಶೀಲಿಸಿದರು. ರೋಗಿಗಳ ಸಮಸ್ಯೆ ಆಲಿಸಿ ಸ್ಥಳದಲ್ಲೇ ಪರಿಹಾರಕ್ಕೆ ಸೂಚಿಸಿದರು.
ಆಸ್ಪತ್ರೆಯ ಹೊರರೋಗಿ ವಿಭಾಗ, ತುರ್ತು ಚಿಕಿತ್ಸಾ ಘಟಕ, ಶಸ್ತ್ರಚಿಕಿತ್ಸಾ ವಿಭಾಗಗಳಿಗೆ ತೆರಳಿ ಪರಿಶೀಲನೆ ನಡೆಸಿದರು. ಸರ್ಕಾರಿ ಆಸ್ಪತ್ರೆಗೆ ಬರುವ ರೋಗಿಗಳು ಬಡವರಾಗಿರುತ್ತಾರೆ. ಅವರ ಬಗ್ಗೆ ಕಾಳಜಿ ವಹಿಸಿ ಉತ್ತಮ ಚಿಕಿತ್ಸೆ ನೀಡಬೇಕು. ಖಾಸಗಿ ಆಸ್ಪತ್ರೆಗಳಿಗೆ ಶಿಫಾರಸು ಮಾಡಬಾರದು. ಔಷಧಿಗಳನ್ನು ಹೊರಗೆ ಖರೀದಿಸುವಂತೆ ಚೀಟಿ ಬರೆದುಕೊಡಬಾರದು ಎಂದು ತಾಕೀತು ಮಾಡಿದರು. ವೈದ್ಯರು ಸಮಯಕ್ಕೆ ಸರಿಯಾಗಿ ಕರ್ತವ್ಯಕ್ಕೆ ಹಾಜರಾಗಬೇಕು ಎಂದು ಸೂಚಿಸಿದರು.
ಚಿಕಿತ್ಸೆ ಒದಗಿಸುವುದು ನಿಮ್ಮ ಜವಾಬ್ದಾರಿ ಎಂದು ಲೋಕಾಯುಕ್ತರು ಹೇಳಿದರು. ಸ್ವಚ್ಛತೆಗೆ ಹೆಚ್ಚಿನ ಆದ್ಯತೆ ನೀಡಬೇಕು. ಶೌಚಾಲಯಗಳನ್ನು ನಿಯಮಿತವಾಗಿ ಸ್ವಚ್ಛಗೊಳಿಸಬೇಕು. ರೋಗಿಗಳ ಸಂಬಂಧಿಕರಿಗೆ ಕುಡಿಯುವ ನೀರಿನ ವ್ಯವಸ್ಥೆ ಕಲ್ಪಿಸಬೇಕು ಎಂದರು. ಆಸ್ಪತ್ರೆಯಲ್ಲಿ ಸಿಬ್ಬಂದಿ ಕೊರತೆ ಇದ್ದರೆ ಸರ್ಕಾರದ ಗಮನಕ್ಕೆ ತರುವಂತೆ ತಿಳಿಸಿದರು.
ಸಲು ಸಾಧ್ಯವಾಗಿದೆ ಎಂದು ಅವರು ಲೋಕಾಯುಕ್ತರಿಗೆ ವಿವರಿಸಿದರು. ಸರ್ಕಾರಿ ವೈದ್ಯರು ಖಾಸಗಿ ಕ್ಲಿನಿಕ್ ನಡೆಸುವ ಬಗ್ಗೆ ದೂರುಗಳು ಬಂದಿವೆ. ಅದನ್ನು ತಡೆಯಬೇಕು. ಕರ್ತವ್ಯದ ಅವಧಿಯಲ್ಲಿ ಆಸ್ಪತ್ರೆಯಲ್ಲಿ ಇರಬೇಕು ಎಂದು ಸೂಚಿಸಿದರು. ಲೋಕಾಯುಕ್ತ ಎಸ್ಪಿ, ಡಿವೈಎಸ್ಪಿ ಹಾಗೂ ಆಸ್ಪತ್ರೆಯ ಹಿರಿಯ ವೈದ್ಯರು ಹಾಜರಿದ್ದರು.
ಪಾಲಿಕೆ ವಾಹನಗಳಲ್ಲಿ ಡೀಸೆಲ್ ಕಳವು: ಪ್ರಕರಣ ದಾಖಲಿಸಲು ಆಗ್ರಹ
ಮೈಸೂರು,ಜ.9–ಪಾಲಿಕೆ ವಾಹನಗಳಲ್ಲಿ ಡೀಸೆಲ್ ಕಳವು ಮಾಡಲಾಗುತ್ತಿದ್ದು ಈ ಬಗ್ಗೆ ಪ್ರಕರಣ ದಾಖಲಿಸಬೇಕು ಎಂದು ಜಿಲ್ಲಾ ನಾಗರಿಕ ಹಿತರಕ್ಷಣಾ ಸಮಿತಿ ಅಧ್ಯಕ್ಷ ಕಾಲ್ಕ್ ಪುಟ್ಟಸ್ವಾಮಿ ಆಗ್ರಹಿಸಿದ್ದಾರೆ. ಕಸ ಸಾಗಿಸುವ ವಾಹನಗಳಲ್ಲಿ ಪ್ರತಿನಿತ್ಯ ಡೀಸೆಲ್ ಕಳವು ನಡೆಯುತ್ತಿದೆ. ಇದರಿಂದ ಪಾಲಿಕೆಗೆ ಲಕ್ಷಾಂತರ ರೂ. ನಷ್ಟವಾಗುತ್ತಿದೆ. ಈ ಕುರಿತು ತನಿಖೆ ನಡೆಸಿ ತಪ್ಪಿತಸ್ಥರ ವಿರುದ್ಧ ಕ್ರಮ ಕೈಗೊಳ್ಳಬೇಕು ಎಂದು ಒತ್ತಾಯಿಸಿದ್ದಾರೆ. ಡಿ.27ರಂದು ಕೌನ್ಸಿಲ್ ಸಭೆಯಲ್ಲಿ ಪಾಲಿಕೆ ವಾಹನಗಳ ಡೀಸೆಲ್ ಕಳವು ಕುರಿತು ಪ್ರಸ್ತಾಪಿಸಲಾಗಿತ್ತು. ಆಯುಕ್ತರು ತನಿಖೆ ನಡೆಸುವುದಾಗಿ ಭರವಸೆ ನೀಡಿದ್ದರೂ ಕ್ರಮ ಕೈಗೊಂಡಿಲ್ಲ ಎಂದು ಅವರು ದೂರಿದ್ದಾರೆ.
ಇಂದು ವಿದ್ಯುತ್ ವ್ಯತ್ಯಯ
ಮೈಸೂರು,ಜ.9–ದುರಸ್ತಿ ಕಾರ್ಯ ನಿಮಿತ್ತ ವಿದ್ಯುತ್ ವಿತರಣಾ ಕೇಂದ್ರದಿಂದ ಹೊರಹೊಮ್ಮುವ ಮಾರ್ಗಗಳಲ್ಲಿ ಜನವರಿ 10 ರಂದು ಬೆಳಿಗ್ಗೆ 10 ರಿಂದ ಸಂಜೆ 6 ರವರೆಗೆ ವಿದ್ಯುತ್ ವ್ಯತ್ಯಯವಾಗಲಿದೆ. ಸಾರ್ವಜನಿಕರು ಸಹಕರಿಸಬೇಕು ಎಂದು ಚಾಮುಂಡೇಶ್ವರಿ ವಿದ್ಯುತ್ ಸರಬರಾಜು ನಿಗಮದ ಕಾರ್ಯನಿರ್ವಾಹಕ ಇಂಜಿನಿಯರ್ ಪ್ರಕಟಣೆಯಲ್ಲಿ ತಿಳಿಸಿದ್ದಾರೆ.
ನಿಧನ
ಮೈಸೂರು,ಜ.9–ಚಾಮುಂಡಿಪುರಂ ನಿವಾಸಿ, ನಿವೃತ್ತ ಶಿಕ್ಷಕ ಕೆ.ಎಸ್.ರಾಜು(90) ಅವರು ಬುಧವಾರ ನಿಧನರಾದರು. ಮೃತರು ಪತ್ನಿ, ಇಬ್ಬರು ಪುತ್ರರು, ಓರ್ವ ಪುತ್ರಿ ಸೇರಿದಂತೆ ಅಪಾರ ಬಂಧುಬಳಗವನ್ನು ಅಗಲಿದ್ದಾರೆ. ಮೃತರ ಅಂತ್ಯಕ್ರಿಯೆ ಗುರುವಾರ ಮಧ್ಯಾಹ್ನ ಚಿರಶಾಂತಿಧಾಮದಲ್ಲಿ ನೆರವೇರಲಿದೆ ಎಂದು ಕುಟುಂಬದ ಮೂಲಗಳು ತಿಳಿಸಿವೆ. ಅವರ ನಿಧನಕ್ಕೆ ಹಲವು ಗಣ್ಯರು ಸಂತಾಪ ಸೂಚಿಸಿದ್ದಾರೆ.
